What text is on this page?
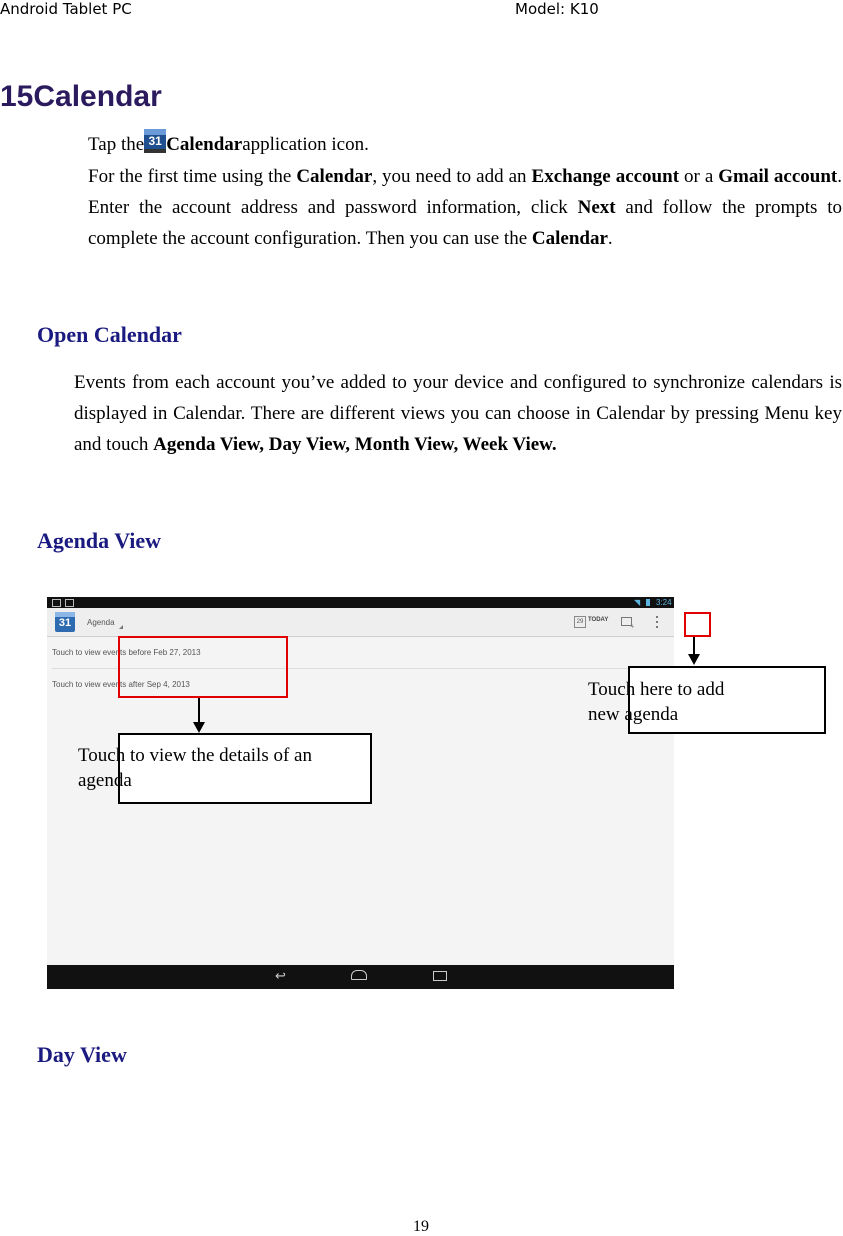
Android Tablet PC	Model: K10
15Calendar
Tap the 31 Calendarapplication icon.
For the first time using the Calendar, you need to add an Exchange account or a Gmail account. Enter the account address and password information, click Next and follow the prompts to complete the account configuration. Then you can use the Calendar.
Open Calendar
Events from each account you’ve added to your device and configured to synchronize calendars is displayed in Calendar. There are different views you can choose in Calendar by pressing Menu key and touch Agenda View, Day View, Month View, Week View.
Agenda View
◥ 3:24
31	Agenda	29 TODAY
+
Touch to view events before Feb 27, 2013
Touch to view events after Sep 4, 2013
↩
Touch here to add new agenda
Touch to view the details of an agenda
Day View
19
